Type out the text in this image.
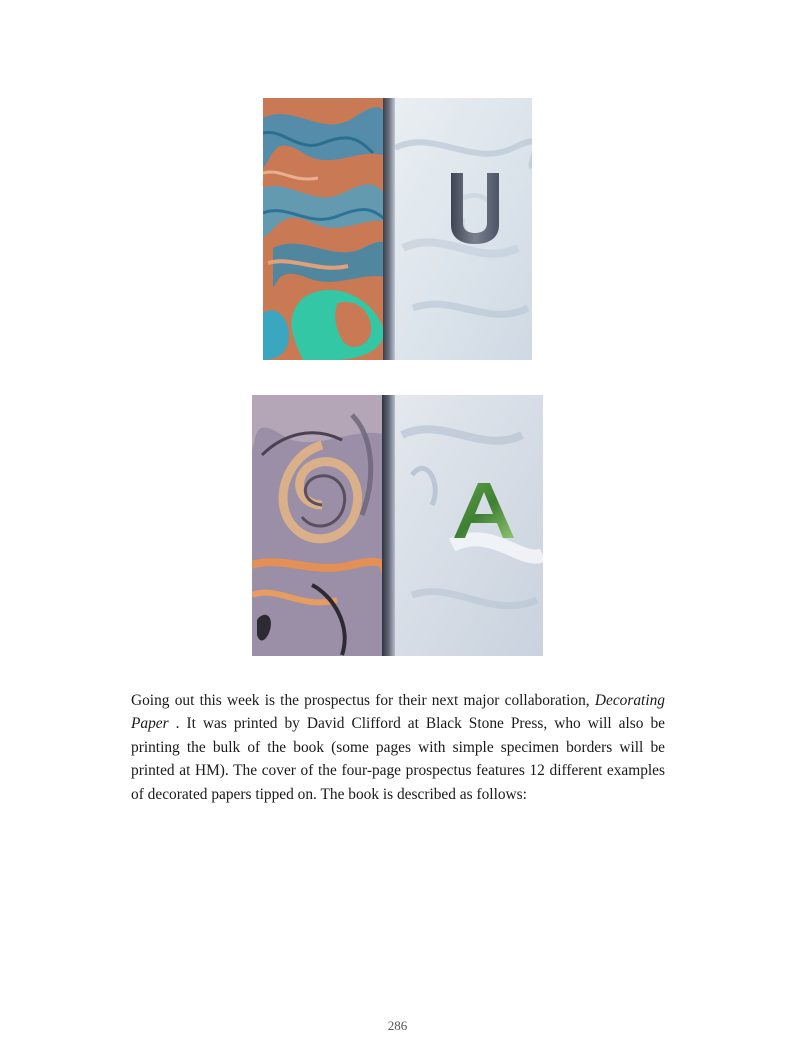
Going out this week is the prospectus for their next major collaboration, Decorating Paper . It was printed by David Clifford at Black Stone Press, who will also be printing the bulk of the book (some pages with simple specimen borders will be printed at HM). The cover of the four-page prospectus features 12 different examples of decorated papers tipped on. The book is described as follows:

286
